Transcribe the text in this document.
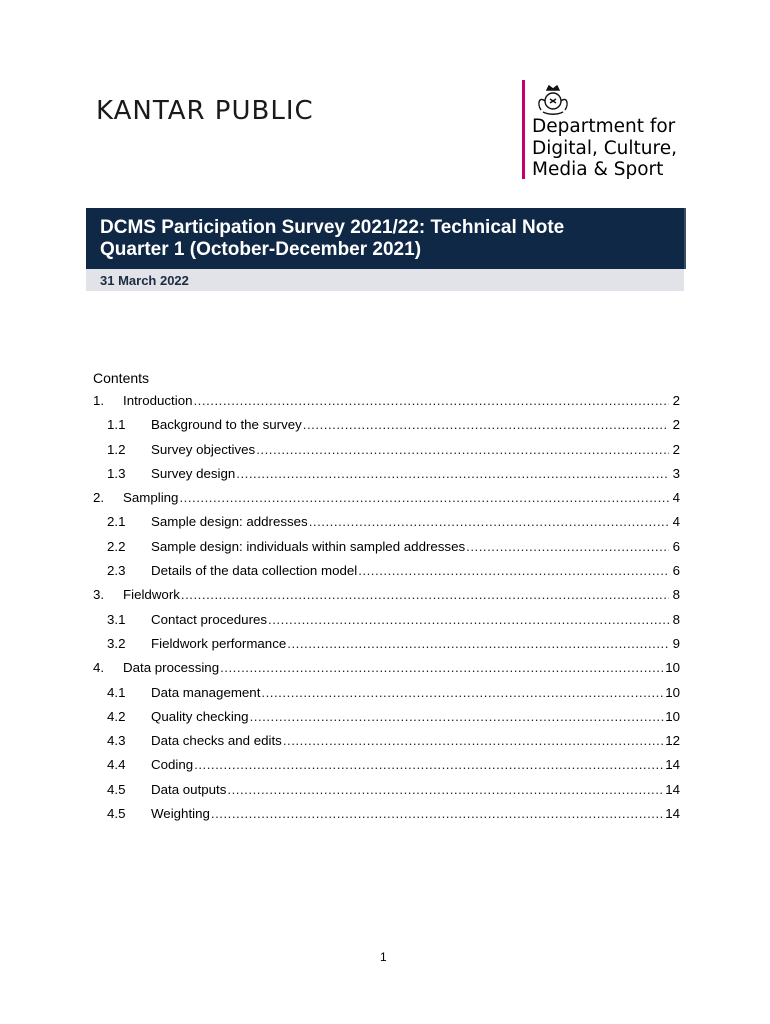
KANTAR PUBLIC
Department for
Digital, Culture,
Media & Sport
DCMS Participation Survey 2021/22: Technical Note
Quarter 1 (October-December 2021)
31 March 2022
Contents
1.	Introduction .....	2
1.1	Background to the survey .....	2
1.2	Survey objectives .....	2
1.3	Survey design .....	3
2.	Sampling .....	4
2.1	Sample design: addresses .....	4
2.2	Sample design: individuals within sampled addresses .....	6
2.3	Details of the data collection model .....	6
3.	Fieldwork .....	8
3.1	Contact procedures .....	8
3.2	Fieldwork performance .....	9
4.	Data processing .....	10
4.1	Data management .....	10
4.2	Quality checking .....	10
4.3	Data checks and edits .....	12
4.4	Coding .....	14
4.5	Data outputs .....	14
4.5	Weighting .....	14
1
